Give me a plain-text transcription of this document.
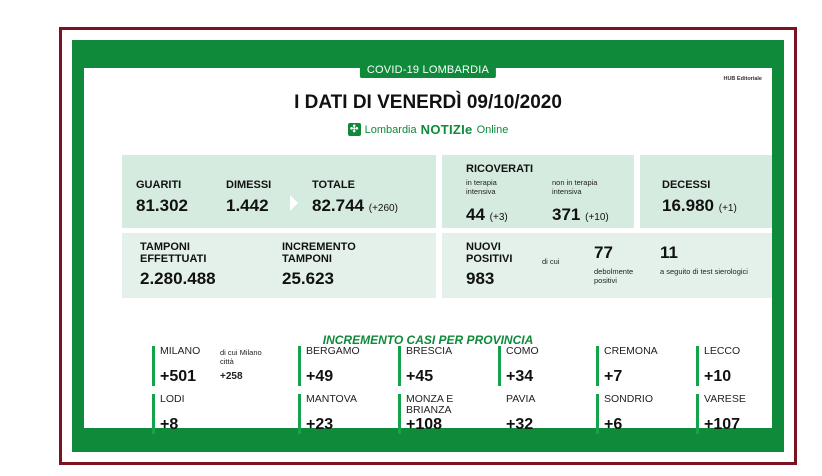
COVID-19 LOMBARDIA
HUB Editoriale
I DATI DI VENERDÌ 09/10/2020
✣ Lombardia NOTIZIe Online
GUARITI
81.302
DIMESSI
1.442
TOTALE
82.744 (+260)
RICOVERATI
in terapia intensiva
44 (+3)
non in terapia intensiva
371 (+10)
DECESSI
16.980 (+1)
TAMPONI
EFFETTUATI
2.280.488
INCREMENTO
TAMPONI
25.623
NUOVI
POSITIVI
983
di cui 77
debolmente positivi
11
a seguito di test sierologici
INCREMENTO CASI PER PROVINCIA
MILANO
+501
di cui Milano città
+258
BERGAMO
+49
BRESCIA
+45
COMO
+34
CREMONA
+7
LECCO
+10
LODI
+8
MANTOVA
+23
MONZA E BRIANZA
+108
PAVIA
+32
SONDRIO
+6
VARESE
+107
